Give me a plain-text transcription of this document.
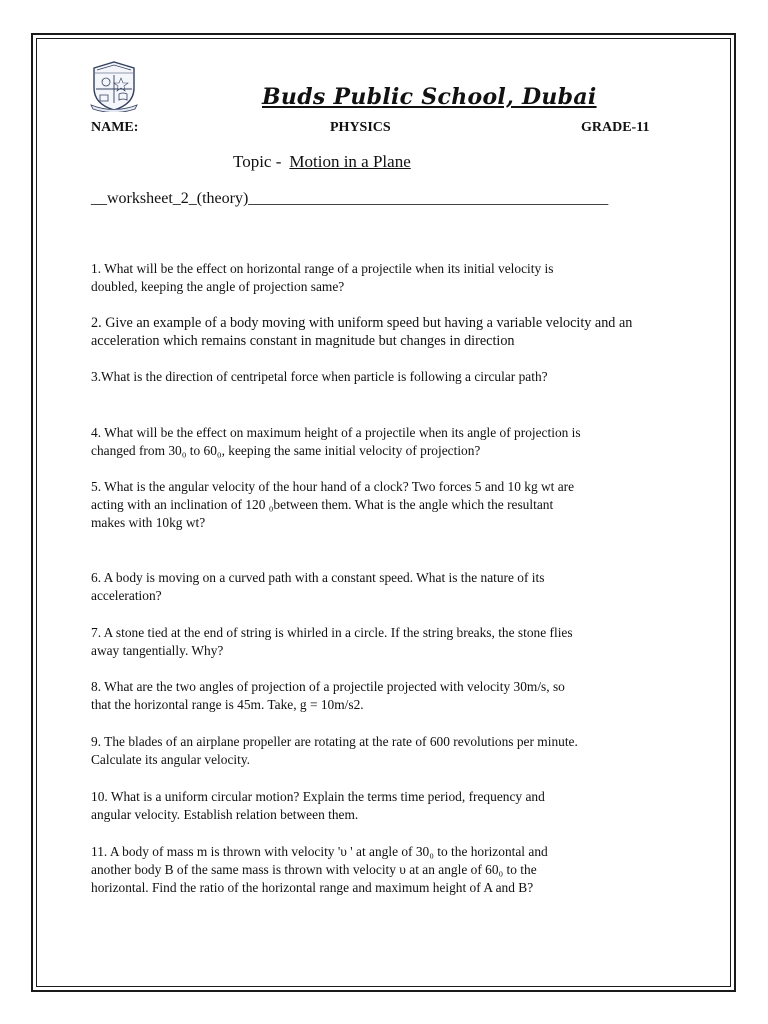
Buds Public School, Dubai
NAME:	PHYSICS	GRADE-11
Topic - Motion in a Plane
__worksheet_2_(theory)_____________________________________________
1. What will be the effect on horizontal range of a projectile when its initial velocity is
doubled, keeping the angle of projection same?
2. Give an example of a body moving with uniform speed but having a variable velocity and an
acceleration which remains constant in magnitude but changes in direction
3.What is the direction of centripetal force when particle is following a circular path?
4. What will be the effect on maximum height of a projectile when its angle of projection is
changed from 30₀ to 60₀, keeping the same initial velocity of projection?
5. What is the angular velocity of the hour hand of a clock? Two forces 5 and 10 kg wt are
acting with an inclination of 120 ₀between them. What is the angle which the resultant
makes with 10kg wt?
6. A body is moving on a curved path with a constant speed. What is the nature of its
acceleration?
7. A stone tied at the end of string is whirled in a circle. If the string breaks, the stone flies
away tangentially. Why?
8. What are the two angles of projection of a projectile projected with velocity 30m/s, so
that the horizontal range is 45m. Take, g = 10m/s2.
9. The blades of an airplane propeller are rotating at the rate of 600 revolutions per minute.
Calculate its angular velocity.
10. What is a uniform circular motion? Explain the terms time period, frequency and
angular velocity. Establish relation between them.
11. A body of mass m is thrown with velocity 'υ ' at angle of 30₀ to the horizontal and
another body B of the same mass is thrown with velocity υ at an angle of 60₀ to the
horizontal. Find the ratio of the horizontal range and maximum height of A and B?
